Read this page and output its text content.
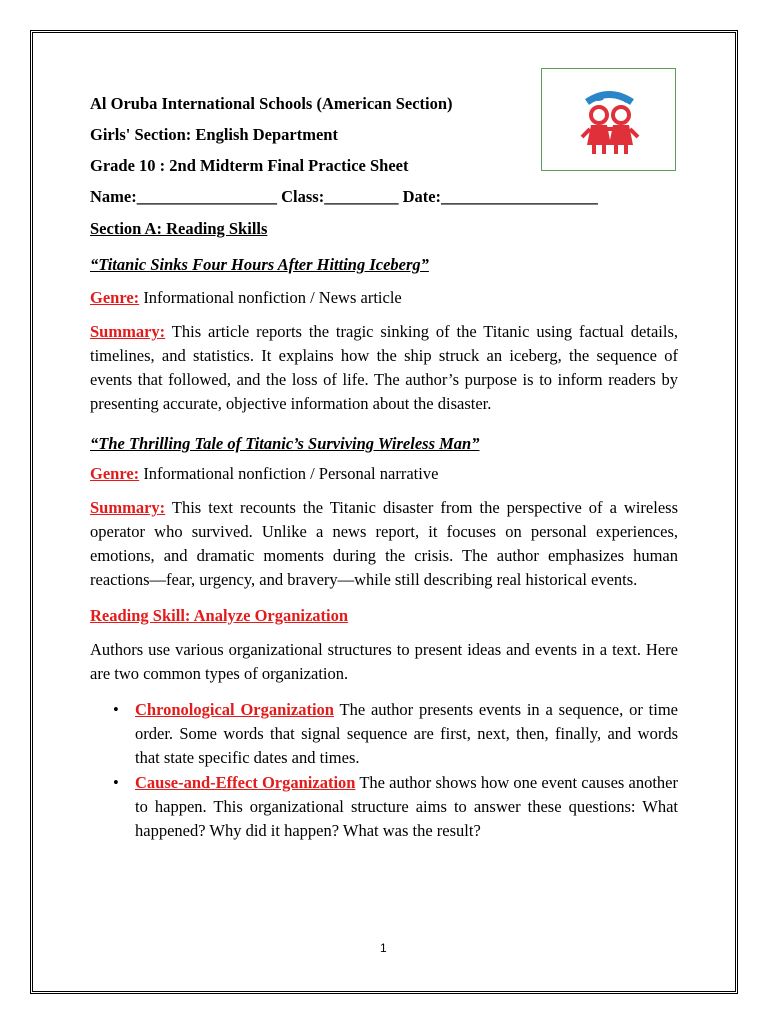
Al Oruba International Schools (American Section)
Girls' Section: English Department
Grade 10 : 2nd Midterm Final Practice Sheet
Name:_________________ Class:_________ Date:___________________
Section A: Reading Skills
“Titanic Sinks Four Hours After Hitting Iceberg”
Genre: Informational nonfiction / News article
Summary: This article reports the tragic sinking of the Titanic using factual details, timelines, and statistics. It explains how the ship struck an iceberg, the sequence of events that followed, and the loss of life. The author’s purpose is to inform readers by presenting accurate, objective information about the disaster.
“The Thrilling Tale of Titanic’s Surviving Wireless Man”
Genre: Informational nonfiction / Personal narrative
Summary: This text recounts the Titanic disaster from the perspective of a wireless operator who survived. Unlike a news report, it focuses on personal experiences, emotions, and dramatic moments during the crisis. The author emphasizes human reactions—fear, urgency, and bravery—while still describing real historical events.
Reading Skill: Analyze Organization
Authors use various organizational structures to present ideas and events in a text. Here are two common types of organization.
• Chronological Organization The author presents events in a sequence, or time order. Some words that signal sequence are first, next, then, finally, and words that state specific dates and times.
• Cause-and-Effect Organization The author shows how one event causes another to happen. This organizational structure aims to answer these questions: What happened? Why did it happen? What was the result?
1
